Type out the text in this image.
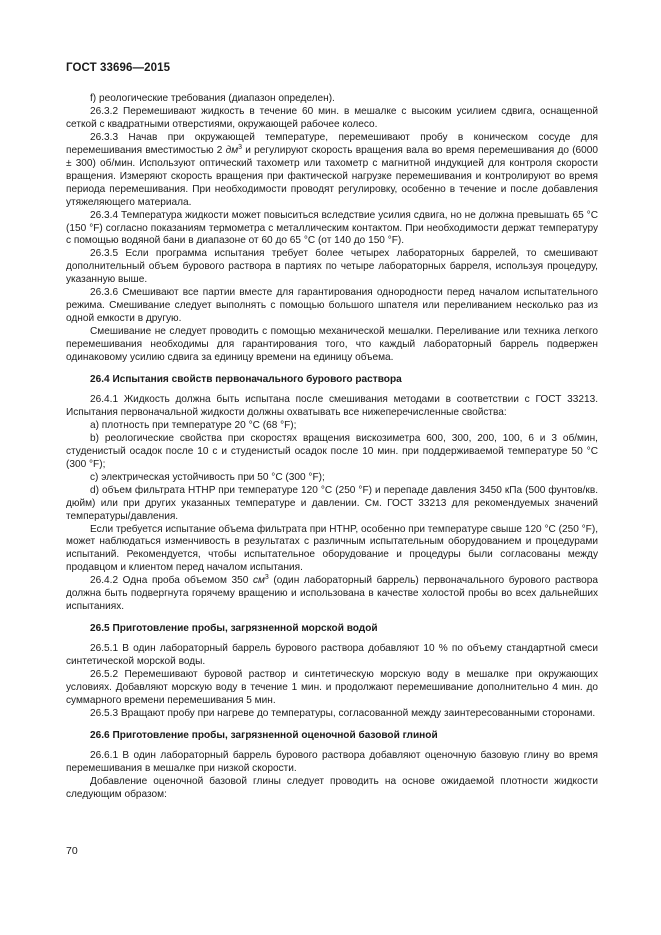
ГОСТ 33696—2015

f) реологические требования (диапазон определен).

26.3.2 Перемешивают жидкость в течение 60 мин. в мешалке с высоким усилием сдвига, оснащенной сеткой с квадратными отверстиями, окружающей рабочее колесо.

26.3.3 Начав при окружающей температуре, перемешивают пробу в коническом сосуде для перемешивания вместимостью 2 $дм^3$ и регулируют скорость вращения вала во время перемешивания до (6000 ± 300) об/мин. Используют оптический тахометр или тахометр с магнитной индукцией для контроля скорости вращения. Измеряют скорость вращения при фактической нагрузке перемешивания и контролируют во время периода перемешивания. При необходимости проводят регулировку, особенно в течение и после добавления утяжеляющего материала.

26.3.4 Температура жидкости может повыситься вследствие усилия сдвига, но не должна превышать 65 °С (150 °F) согласно показаниям термометра с металлическим контактом. При необходимости держат температуру с помощью водяной бани в диапазоне от 60 до 65 °С (от 140 до 150 °F).

26.3.5 Если программа испытания требует более четырех лабораторных баррелей, то смешивают дополнительный объем бурового раствора в партиях по четыре лабораторных барреля, используя процедуру, указанную выше.

26.3.6 Смешивают все партии вместе для гарантирования однородности перед началом испытательного режима. Смешивание следует выполнять с помощью большого шпателя или переливанием несколько раз из одной емкости в другую.

Смешивание не следует проводить с помощью механической мешалки. Переливание или техника легкого перемешивания необходимы для гарантирования того, что каждый лабораторный баррель подвержен одинаковому усилию сдвига за единицу времени на единицу объема.

26.4 Испытания свойств первоначального бурового раствора

26.4.1 Жидкость должна быть испытана после смешивания методами в соответствии с ГОСТ 33213. Испытания первоначальной жидкости должны охватывать все нижеперечисленные свойства:

а) плотность при температуре 20 °С (68 °F);

b) реологические свойства при скоростях вращения вискозиметра 600, 300, 200, 100, 6 и 3 об/мин, студенистый осадок после 10 с и студенистый осадок после 10 мин. при поддерживаемой температуре 50 °С (300 °F);

с) электрическая устойчивость при 50 °С (300 °F);

d) объем фильтрата HTHP при температуре 120 °С (250 °F) и перепаде давления 3450 кПа (500 фунтов/кв. дюйм) или при других указанных температуре и давлении. См. ГОСТ 33213 для рекомендуемых значений температуры/давления.

Если требуется испытание объема фильтрата при HTHP, особенно при температуре свыше 120 °С (250 °F), может наблюдаться изменчивость в результатах с различным испытательным оборудованием и процедурами испытаний. Рекомендуется, чтобы испытательное оборудование и процедуры были согласованы между продавцом и клиентом перед началом испытания.

26.4.2 Одна проба объемом 350 $см^3$ (один лабораторный баррель) первоначального бурового раствора должна быть подвергнута горячему вращению и использована в качестве холостой пробы во всех дальнейших испытаниях.

26.5 Приготовление пробы, загрязненной морской водой

26.5.1 В один лабораторный баррель бурового раствора добавляют 10 % по объему стандартной смеси синтетической морской воды.

26.5.2 Перемешивают буровой раствор и синтетическую морскую воду в мешалке при окружающих условиях. Добавляют морскую воду в течение 1 мин. и продолжают перемешивание дополнительно 4 мин. до суммарного времени перемешивания 5 мин.

26.5.3 Вращают пробу при нагреве до температуры, согласованной между заинтересованными сторонами.

26.6 Приготовление пробы, загрязненной оценочной базовой глиной

26.6.1 В один лабораторный баррель бурового раствора добавляют оценочную базовую глину во время перемешивания в мешалке при низкой скорости.

Добавление оценочной базовой глины следует проводить на основе ожидаемой плотности жидкости следующим образом:

70
